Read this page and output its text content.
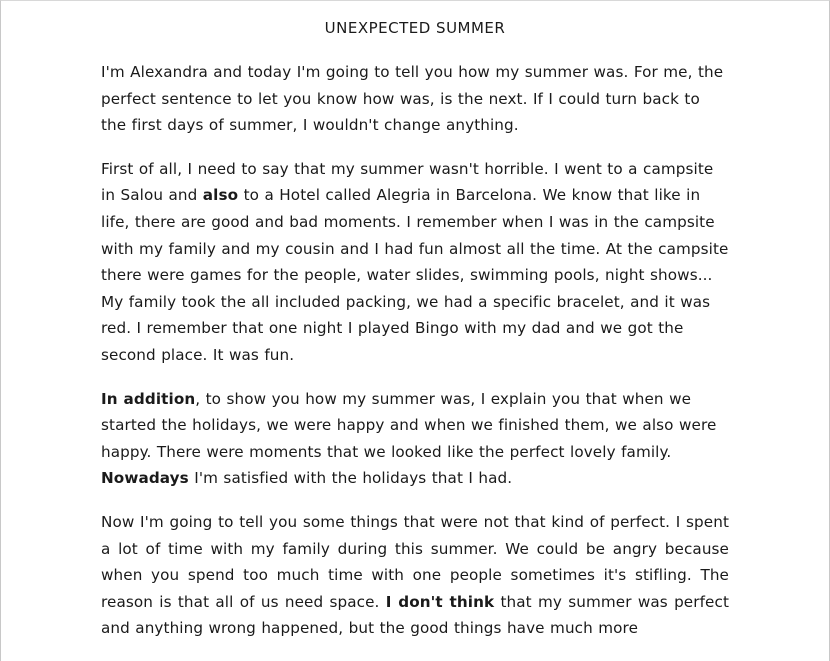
UNEXPECTED SUMMER

I'm Alexandra and today I'm going to tell you how my summer was. For me, the perfect sentence to let you know how was, is the next. If I could turn back to the first days of summer, I wouldn't change anything.

First of all, I need to say that my summer wasn't horrible. I went to a campsite in Salou and also to a Hotel called Alegria in Barcelona. We know that like in life, there are good and bad moments. I remember when I was in the campsite with my family and my cousin and I had fun almost all the time. At the campsite there were games for the people, water slides, swimming pools, night shows... My family took the all included packing, we had a specific bracelet, and it was red. I remember that one night I played Bingo with my dad and we got the second place. It was fun.

In addition, to show you how my summer was, I explain you that when we started the holidays, we were happy and when we finished them, we also were happy. There were moments that we looked like the perfect lovely family. Nowadays I'm satisfied with the holidays that I had.

Now I'm going to tell you some things that were not that kind of perfect. I spent a lot of time with my family during this summer. We could be angry because when you spend too much time with one people sometimes it's stifling. The reason is that all of us need space. I don't think that my summer was perfect and anything wrong happened, but the good things have much more
